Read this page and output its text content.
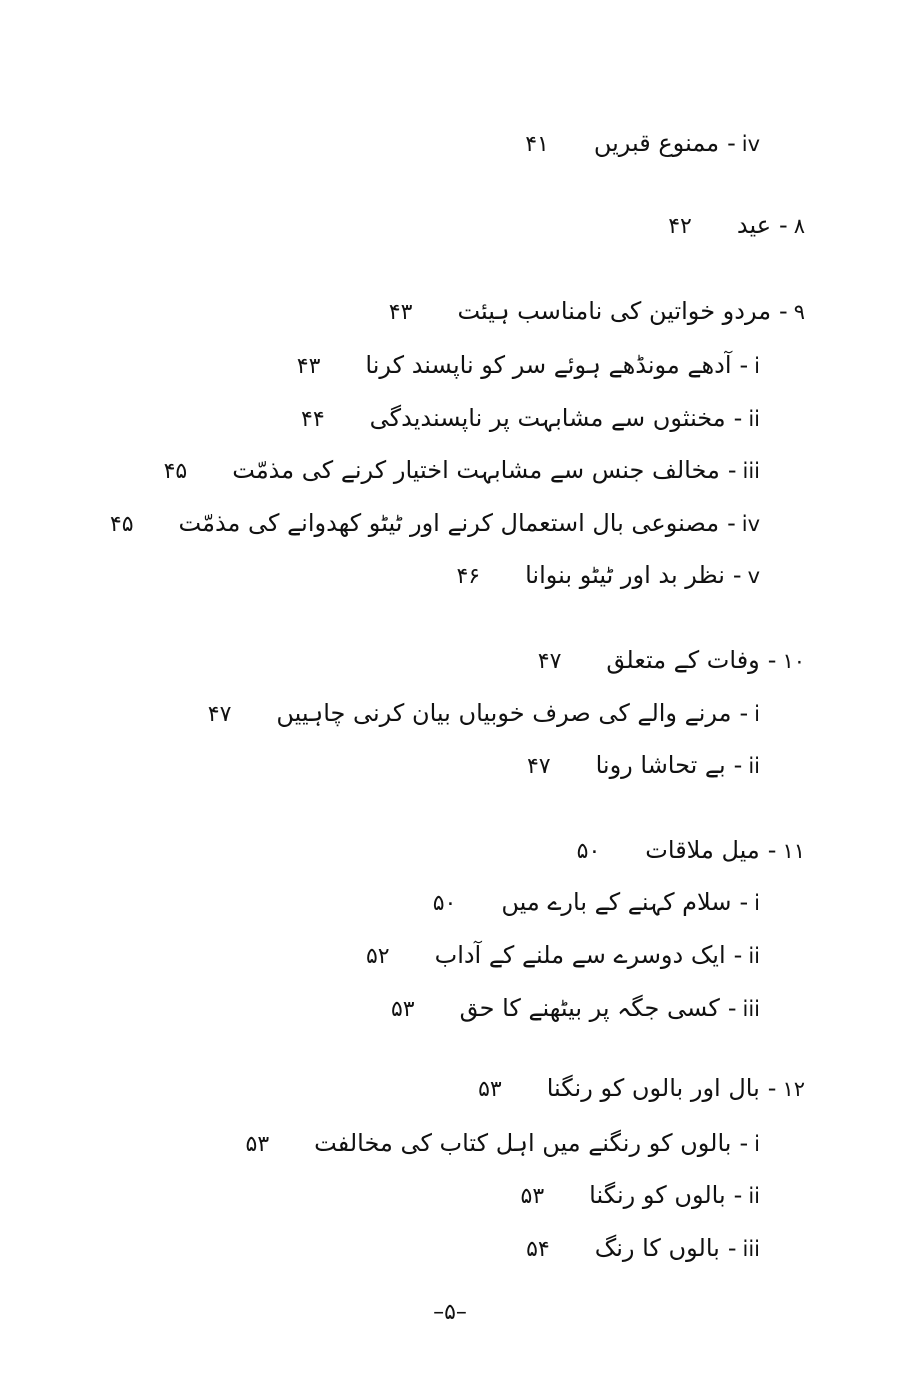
iv
-
ممنوع قبریں
۴۱
۸
-
عید
۴۲
۹
-
مردو خواتین کی نامناسب ہیئت
۴۳
i
-
آدھے مونڈھے ہوئے سر کو ناپسند کرنا
۴۳
ii
-
مخنثوں سے مشابہت پر ناپسندیدگی
۴۴
iii
-
مخالف جنس سے مشابہت اختیار کرنے کی مذمّت
۴۵
iv
-
مصنوعی بال استعمال کرنے اور ٹیٹو کھدوانے کی مذمّت
۴۵
v
-
نظر بد اور ٹیٹو بنوانا
۴۶
۱۰
-
وفات کے متعلق
۴۷
i
-
مرنے والے کی صرف خوبیاں بیان کرنی چاہییں
۴۷
ii
-
بے تحاشا رونا
۴۷
۱۱
-
میل ملاقات
۵۰
i
-
سلام کہنے کے بارے میں
۵۰
ii
-
ایک دوسرے سے ملنے کے آداب
۵۲
iii
-
کسی جگہ پر بیٹھنے کا حق
۵۳
۱۲
-
بال اور بالوں کو رنگنا
۵۳
i
-
بالوں کو رنگنے میں اہل کتاب کی مخالفت
۵۳
ii
-
بالوں کو رنگنا
۵۳
iii
-
بالوں کا رنگ
۵۴
–۵–
